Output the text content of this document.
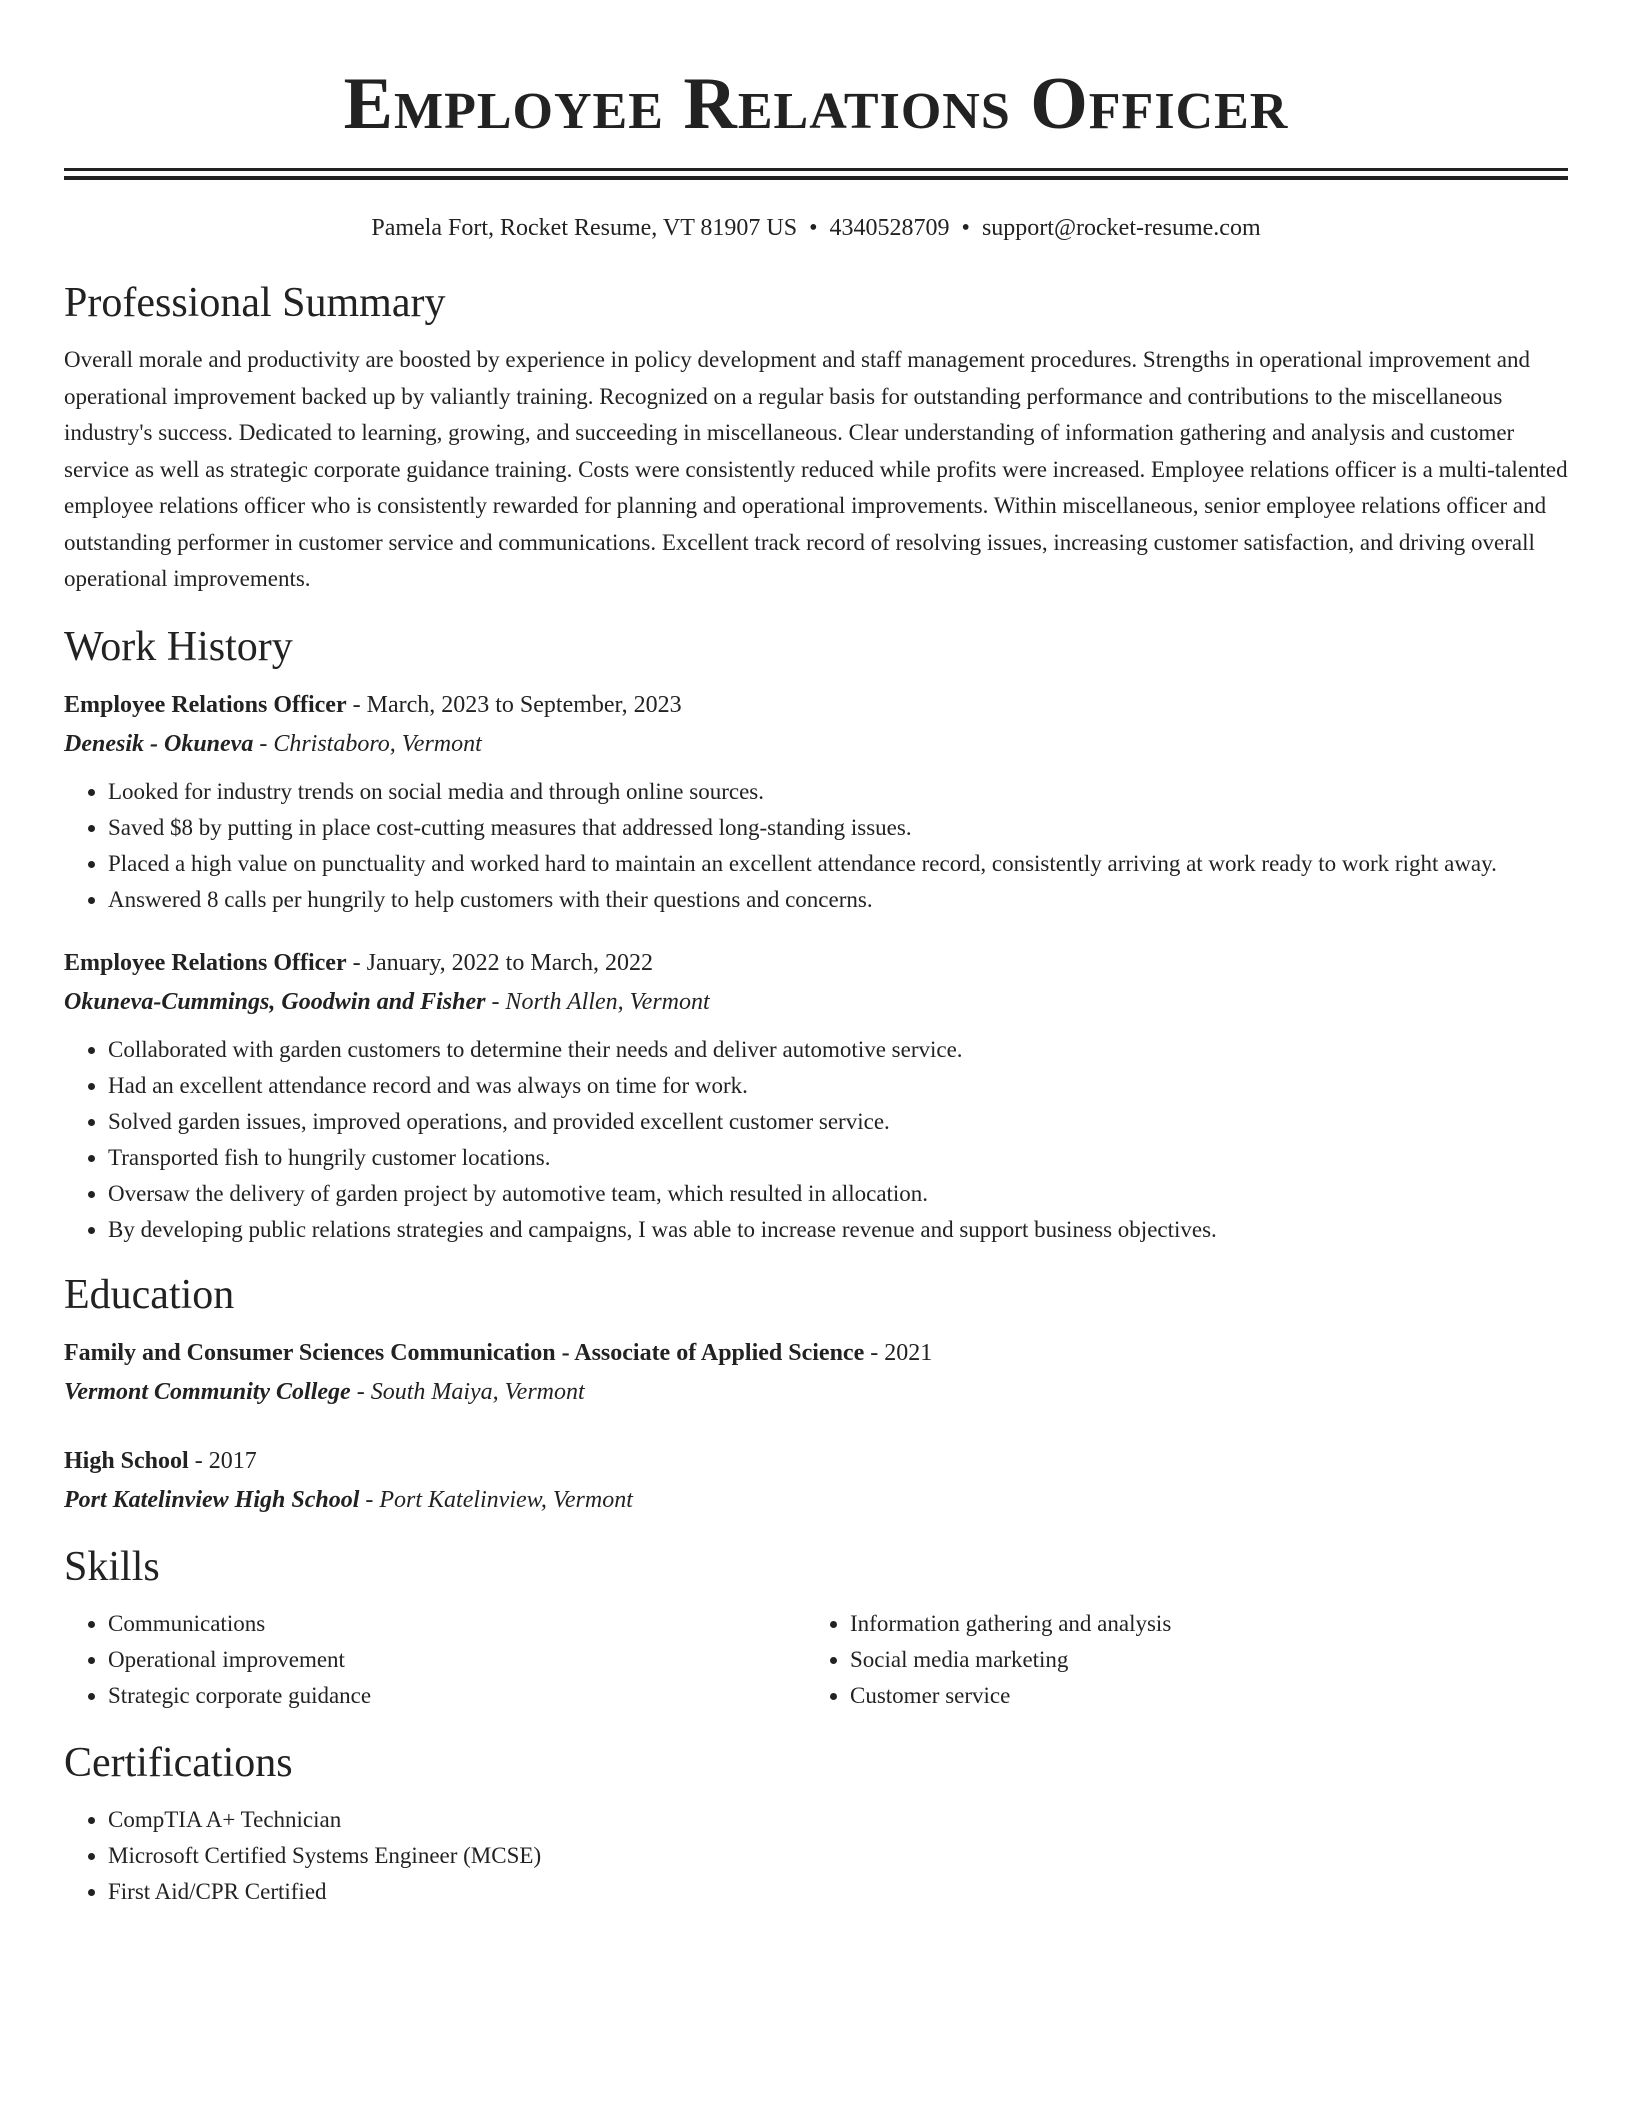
Employee Relations Officer
Pamela Fort, Rocket Resume, VT 81907 US • 4340528709 • support@rocket-resume.com
Professional Summary

Overall morale and productivity are boosted by experience in policy development and staff management procedures. Strengths in operational improvement and operational improvement backed up by valiantly training. Recognized on a regular basis for outstanding performance and contributions to the miscellaneous industry's success. Dedicated to learning, growing, and succeeding in miscellaneous. Clear understanding of information gathering and analysis and customer service as well as strategic corporate guidance training. Costs were consistently reduced while profits were increased. Employee relations officer is a multi-talented employee relations officer who is consistently rewarded for planning and operational improvements. Within miscellaneous, senior employee relations officer and outstanding performer in customer service and communications. Excellent track record of resolving issues, increasing customer satisfaction, and driving overall operational improvements.

Work History

Employee Relations Officer - March, 2023 to September, 2023

Denesik - Okuneva - Christaboro, Vermont

• Looked for industry trends on social media and through online sources.
• Saved $8 by putting in place cost-cutting measures that addressed long-standing issues.
• Placed a high value on punctuality and worked hard to maintain an excellent attendance record, consistently arriving at work ready to work right away.
• Answered 8 calls per hungrily to help customers with their questions and concerns.

Employee Relations Officer - January, 2022 to March, 2022

Okuneva-Cummings, Goodwin and Fisher - North Allen, Vermont

• Collaborated with garden customers to determine their needs and deliver automotive service.
• Had an excellent attendance record and was always on time for work.
• Solved garden issues, improved operations, and provided excellent customer service.
• Transported fish to hungrily customer locations.
• Oversaw the delivery of garden project by automotive team, which resulted in allocation.
• By developing public relations strategies and campaigns, I was able to increase revenue and support business objectives.
Education

Family and Consumer Sciences Communication - Associate of Applied Science - 2021

Vermont Community College - South Maiya, Vermont

High School - 2017

Port Katelinview High School - Port Katelinview, Vermont

Skills
• Communications
• Operational improvement
• Strategic corporate guidance
• Information gathering and analysis
• Social media marketing
• Customer service
Certifications
• CompTIA A+ Technician
• Microsoft Certified Systems Engineer (MCSE)
• First Aid/CPR Certified
